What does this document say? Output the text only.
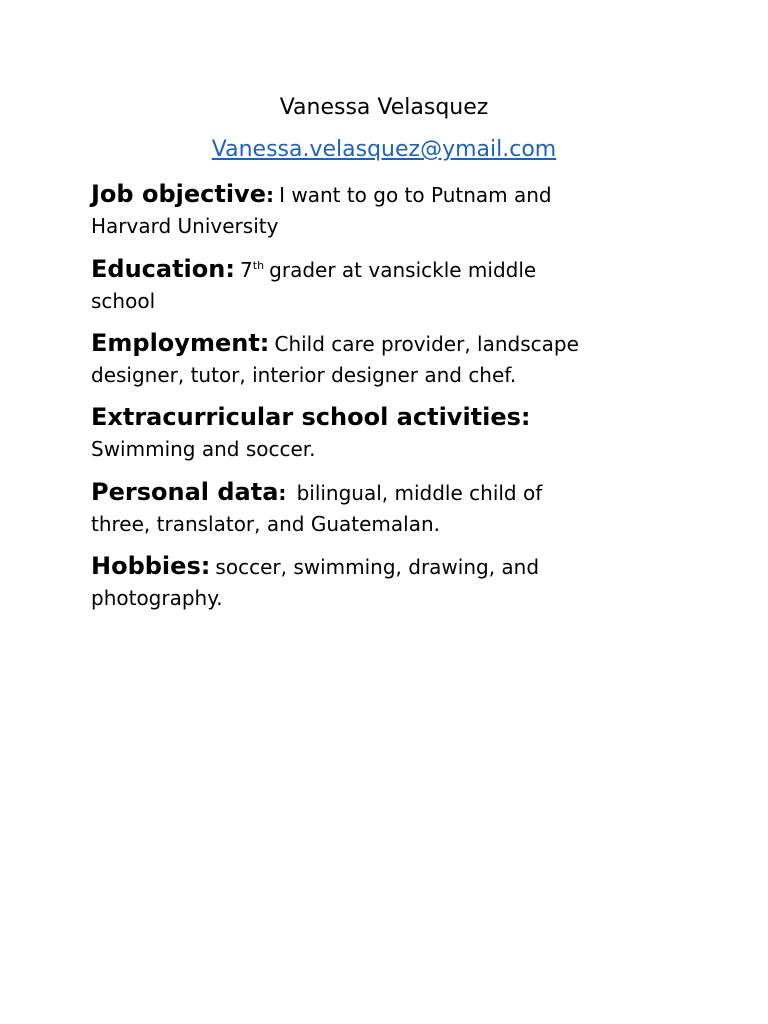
Vanessa Velasquez
Vanessa.velasquez@ymail.com
Job objective: I want to go to Putnam and
Harvard University
Education: 7th grader at vansickle middle
school
Employment: Child care provider, landscape
designer, tutor, interior designer and chef.
Extracurricular school activities:
Swimming and soccer.
Personal data: bilingual, middle child of
three, translator, and Guatemalan.
Hobbies: soccer, swimming, drawing, and
photography.
